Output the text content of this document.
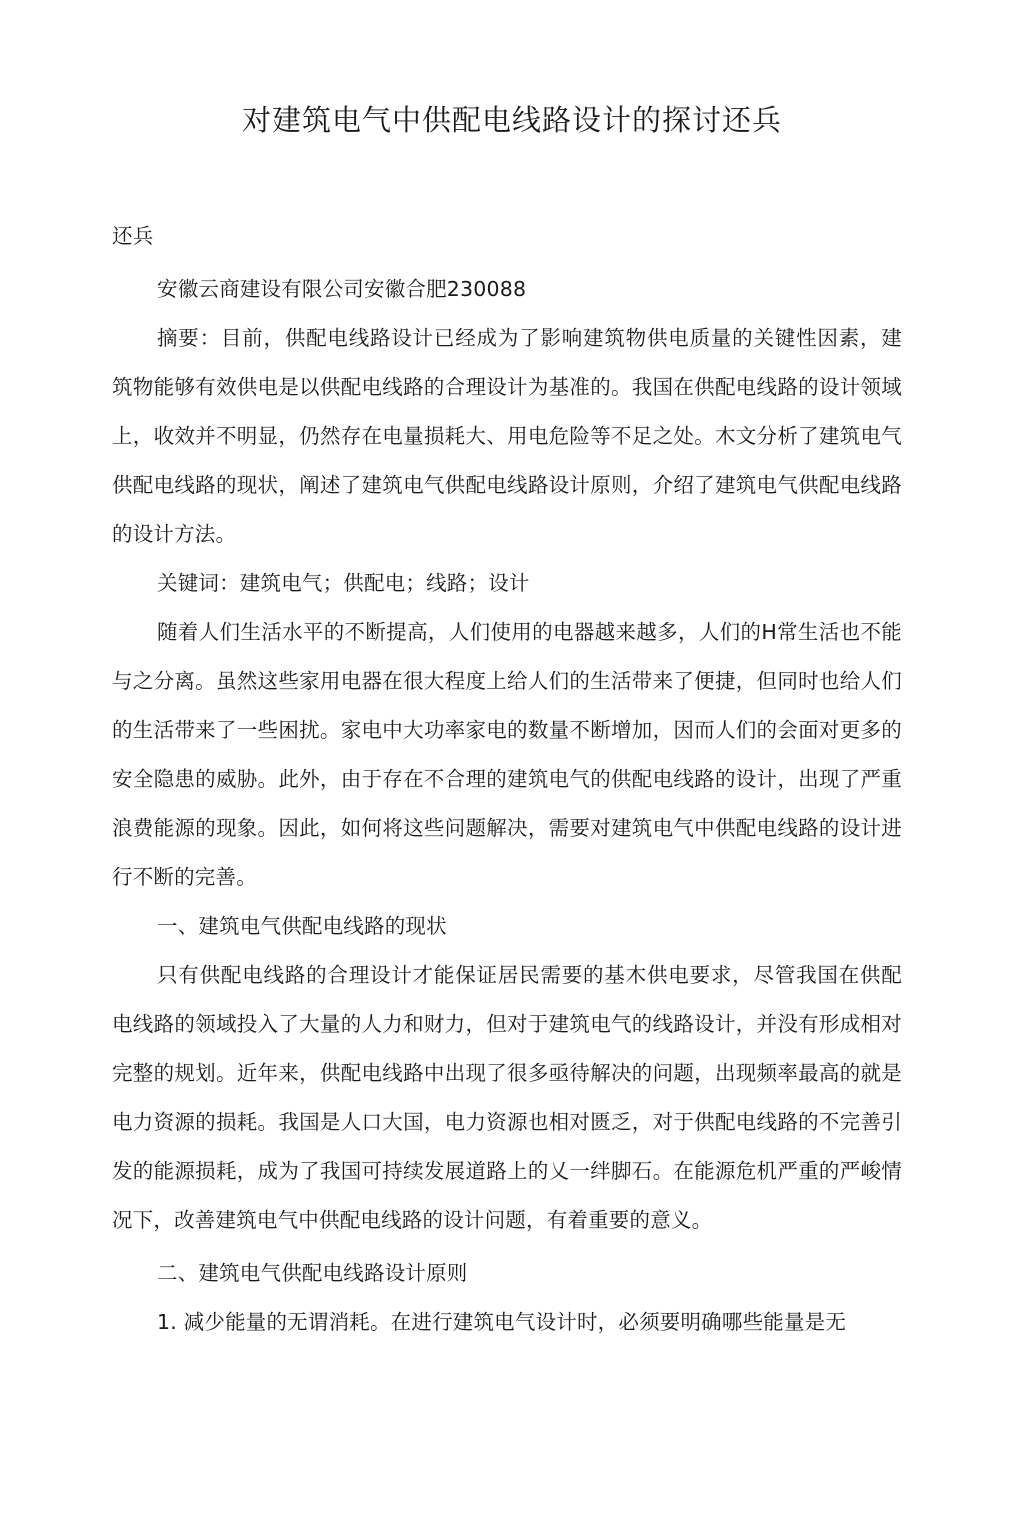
对建筑电气中供配电线路设计的探讨还兵

还兵

安徽云商建设有限公司安徽合肥230088

摘要：目前，供配电线路设计已经成为了影响建筑物供电质量的关键性因素，建筑物能够有效供电是以供配电线路的合理设计为基准的。我国在供配电线路的设计领域上，收效并不明显，仍然存在电量损耗大、用电危险等不足之处。木文分析了建筑电气供配电线路的现状，阐述了建筑电气供配电线路设计原则，介绍了建筑电气供配电线路的设计方法。

关键词：建筑电气；供配电；线路；设计

随着人们生活水平的不断提高，人们使用的电器越来越多，人们的H常生活也不能与之分离。虽然这些家用电器在很大程度上给人们的生活带来了便捷，但同时也给人们的生活带来了一些困扰。家电中大功率家电的数量不断增加，因而人们的会面对更多的安全隐患的威胁。此外，由于存在不合理的建筑电气的供配电线路的设计，出现了严重浪费能源的现象。因此，如何将这些问题解决，需要对建筑电气中供配电线路的设计进行不断的完善。

一、建筑电气供配电线路的现状

只有供配电线路的合理设计才能保证居民需要的基木供电要求，尽管我国在供配电线路的领域投入了大量的人力和财力，但对于建筑电气的线路设计，并没有形成相对完整的规划。近年来，供配电线路中出现了很多亟待解决的问题，出现频率最高的就是电力资源的损耗。我国是人口大国，电力资源也相对匮乏，对于供配电线路的不完善引发的能源损耗，成为了我国可持续发展道路上的乂一绊脚石。在能源危机严重的严峻情况下，改善建筑电气中供配电线路的设计问题，有着重要的意义。

二、建筑电气供配电线路设计原则

1. 减少能量的无谓消耗。在进行建筑电气设计时，必须要明确哪些能量是无
